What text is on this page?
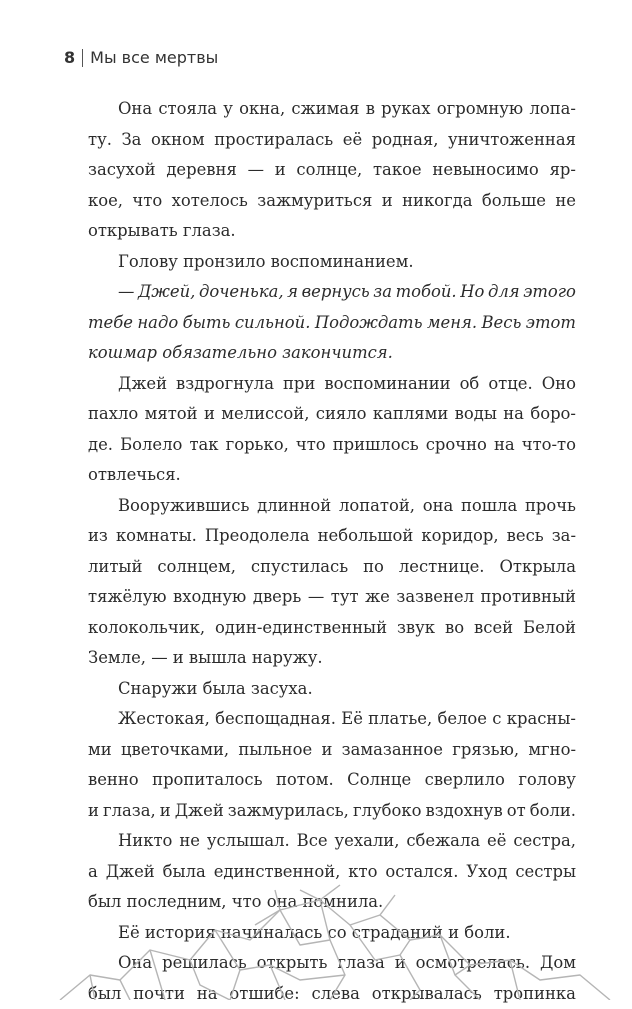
8 Мы все мертвы
Она стояла у окна, сжимая в руках огромную лопа-
ту. За окном простиралась её родная, уничтоженная
засухой деревня — и солнце, такое невыносимо яр-
кое, что хотелось зажмуриться и никогда больше не
открывать глаза.
Голову пронзило воспоминанием.
— Джей, доченька, я вернусь за тобой. Но для этого
тебе надо быть сильной. Подождать меня. Весь этот
кошмар обязательно закончится.
Джей вздрогнула при воспоминании об отце. Оно
пахло мятой и мелиссой, сияло каплями воды на боро-
де. Болело так горько, что пришлось срочно на что-то
отвлечься.
Вооружившись длинной лопатой, она пошла прочь
из комнаты. Преодолела небольшой коридор, весь за-
литый солнцем, спустилась по лестнице. Открыла
тяжёлую входную дверь — тут же зазвенел противный
колокольчик, один-единственный звук во всей Белой
Земле, — и вышла наружу.
Снаружи была засуха.
Жестокая, беспощадная. Её платье, белое с красны-
ми цветочками, пыльное и замазанное грязью, мгно-
венно пропиталось потом. Солнце сверлило голову
и глаза, и Джей зажмурилась, глубоко вздохнув от боли.
Никто не услышал. Все уехали, сбежала её сестра,
а Джей была единственной, кто остался. Уход сестры
был последним, что она помнила.
Её история начиналась со страданий и боли.
Она решилась открыть глаза и осмотрелась. Дом
был почти на отшибе: слева открывалась тропинка
